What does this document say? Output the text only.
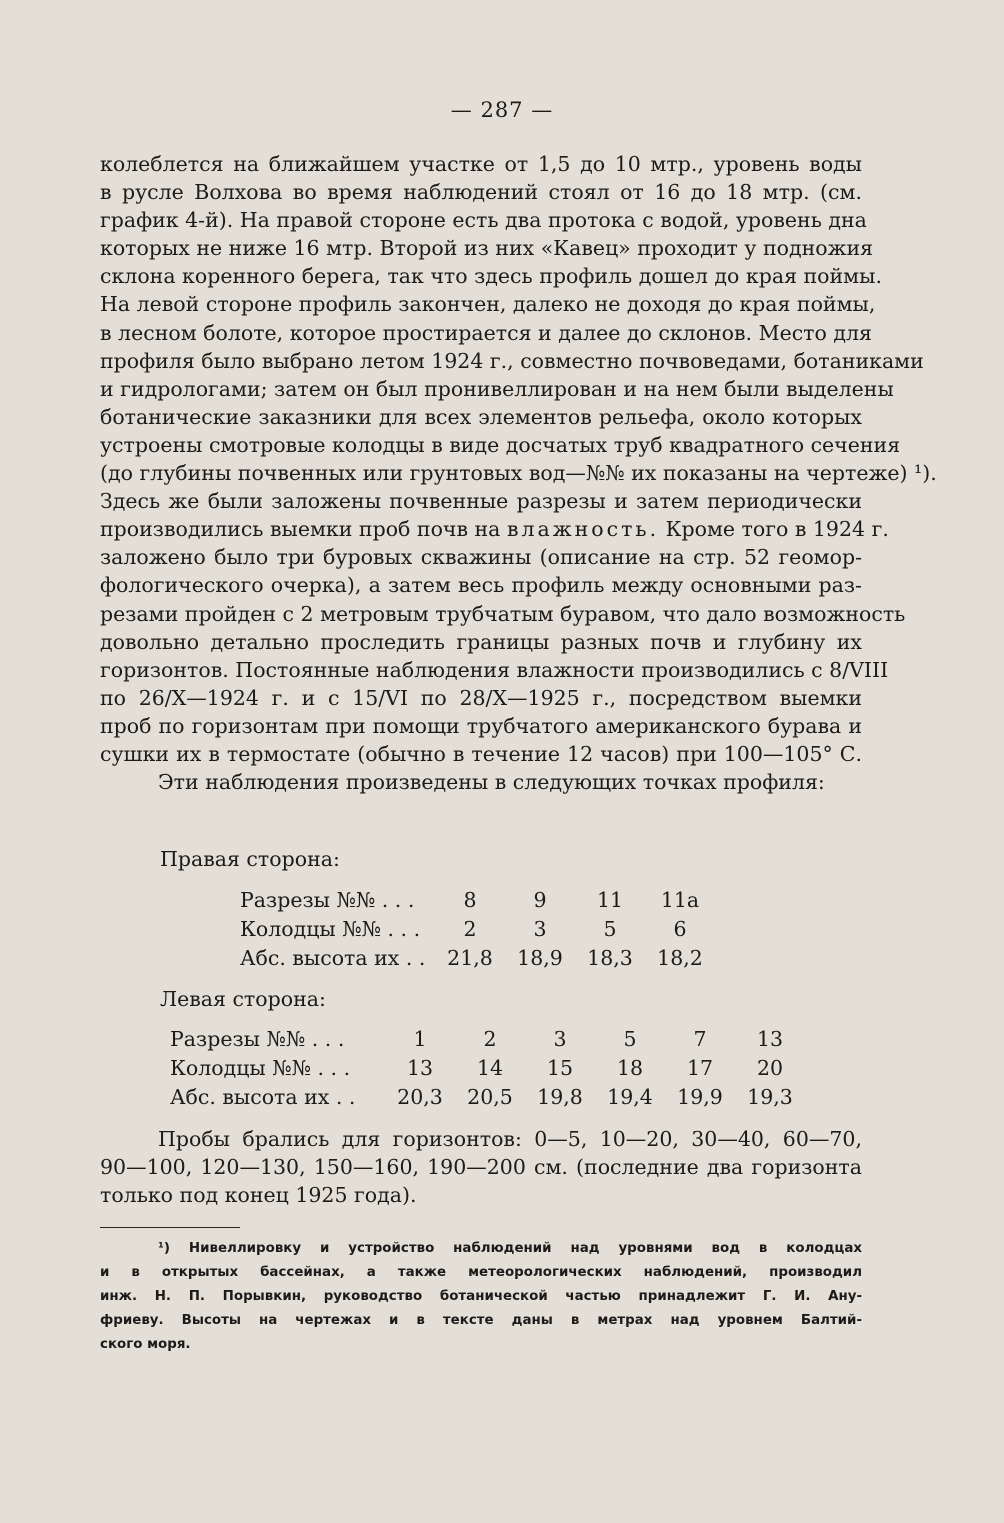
— 287 —
колеблется на ближайшем участке от 1,5 до 10 мтр., уровень воды
в русле Волхова во время наблюдений стоял от 16 до 18 мтр. (см.
график 4-й). На правой стороне есть два протока с водой, уровень дна
которых не ниже 16 мтр. Второй из них «Кавец» проходит у подножия
склона коренного берега, так что здесь профиль дошел до края поймы.
На левой стороне профиль закончен, далеко не доходя до края поймы,
в лесном болоте, которое простирается и далее до склонов. Место для
профиля было выбрано летом 1924 г., совместно почвоведами, ботаниками
и гидрологами; затем он был пронивеллирован и на нем были выделены
ботанические заказники для всех элементов рельефа, около которых
устроены смотровые колодцы в виде досчатых труб квадратного сечения
(до глубины почвенных или грунтовых вод—№№ их показаны на чертеже) ¹).
Здесь же были заложены почвенные разрезы и затем периодически
производились выемки проб почв на влажность. Кроме того в 1924 г.
заложено было три буровых скважины (описание на стр. 52 геомор-
фологического очерка), а затем весь профиль между основными раз-
резами пройден с 2 метровым трубчатым буравом, что дало возможность
довольно детально проследить границы разных почв и глубину их
горизонтов. Постоянные наблюдения влажности производились с 8/VIII
по 26/X—1924 г. и с 15/VI по 28/X—1925 г., посредством выемки
проб по горизонтам при помощи трубчатого американского бурава и
сушки их в термостате (обычно в течение 12 часов) при 100—105° С.
Эти наблюдения произведены в следующих точках профиля:
Правая сторона:
Разрезы №№ . . .	8	9	11	11а
Колодцы №№ . . .	2	3	5	6
Абс. высота их . .	21,8	18,9	18,3	18,2
Левая сторона:
Разрезы №№ . . .	1	2	3	5	7	13
Колодцы №№ . . .	13	14	15	18	17	20
Абс. высота их . .	20,3	20,5	19,8	19,4	19,9	19,3
Пробы брались для горизонтов: 0—5, 10—20, 30—40, 60—70,
90—100, 120—130, 150—160, 190—200 см. (последние два горизонта
только под конец 1925 года).
¹) Нивеллировку и устройство наблюдений над уровнями вод в колодцах
и в открытых бассейнах, а также метеорологических наблюдений, производил
инж. Н. П. Порывкин, руководство ботанической частью принадлежит Г. И. Ану-
фриеву. Высоты на чертежах и в тексте даны в метрах над уровнем Балтий-
ского моря.
